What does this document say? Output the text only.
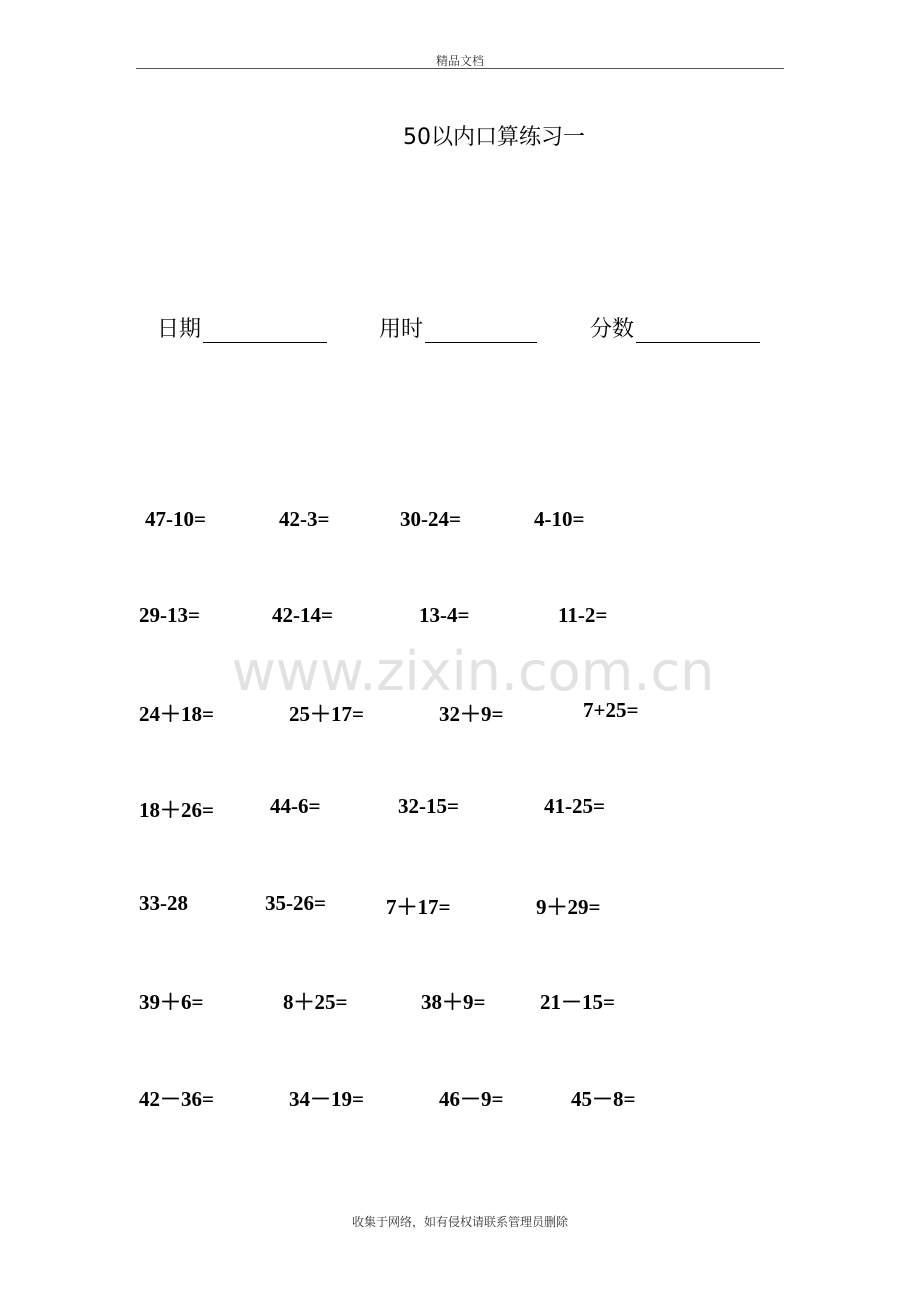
精品文档
50以内口算练习一
日期	用时	分数
www.zixin.com.cn
47-10=	42-3=	30-24=	4-10=
29-13=	42-14=	13-4=	11-2=
24＋18=	25＋17=	32＋9=	7+25=
18＋26=	44-6=	32-15=	41-25=
33-28	35-26=	7＋17=	9＋29=
39＋6=	8＋25=	38＋9=	21－15=
42－36=	34－19=	46－9=	45－8=
收集于网络，如有侵权请联系管理员删除
